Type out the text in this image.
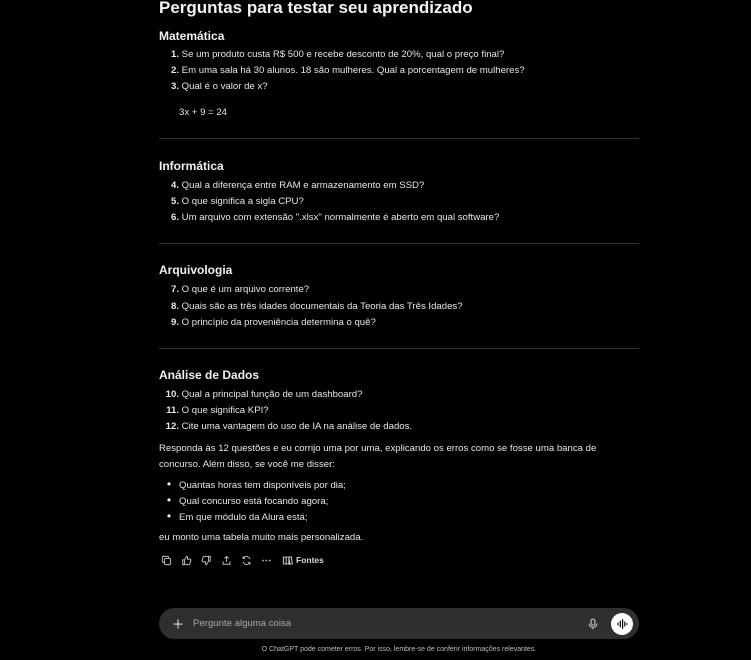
Perguntas para testar seu aprendizado
Matemática
1. Se um produto custa R$ 500 e recebe desconto de 20%, qual o preço final?
2. Em uma sala há 30 alunos. 18 são mulheres. Qual a porcentagem de mulheres?
3. Qual é o valor de x?
3x + 9 = 24
Informática
4. Qual a diferença entre RAM e armazenamento em SSD?
5. O que significa a sigla CPU?
6. Um arquivo com extensão ".xlsx" normalmente é aberto em qual software?
Arquivologia
7. O que é um arquivo corrente?
8. Quais são as três idades documentais da Teoria das Três Idades?
9. O princípio da proveniência determina o quê?
Análise de Dados
10. Qual a principal função de um dashboard?
11. O que significa KPI?
12. Cite uma vantagem do uso de IA na análise de dados.

Responda às 12 questões e eu corrijo uma por uma, explicando os erros como se fosse uma banca de concurso. Além disso, se você me disser:

• Quantas horas tem disponíveis por dia;
• Qual concurso está focando agora;
• Em que módulo da Alura está;

eu monto uma tabela muito mais personalizada.

Fontes
Pergunte alguma coisa
O ChatGPT pode cometer erros. Por isso, lembre-se de conferir informações relevantes.
